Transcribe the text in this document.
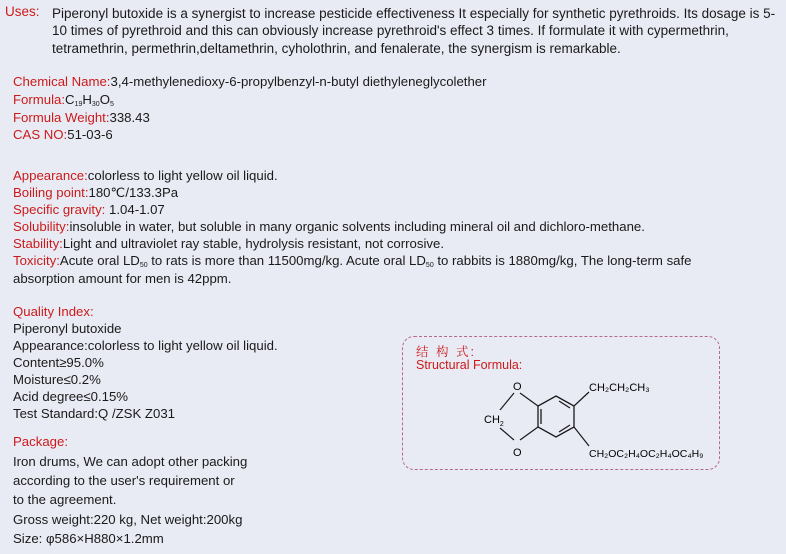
Uses: Piperonyl butoxide is a synergist to increase pesticide effectiveness It especially for synthetic pyrethroids. Its dosage is 5-10 times of pyrethroid and this can obviously increase pyrethroid's effect 3 times. If formulate it with cypermethrin, tetramethrin, permethrin,deltamethrin, cyholothrin, and fenalerate, the synergism is remarkable.
Chemical Name:3,4-methylenedioxy-6-propylbenzyl-n-butyl diethyleneglycolether
$Formula:C_{19}H_{30}O_5$
Formula Weight:338.43
CAS NO:51-03-6
Appearance:colorless to light yellow oil liquid.
Boiling point:180℃/133.3Pa
Specific gravity: 1.04-1.07
Solubility:insoluble in water, but soluble in many organic solvents including mineral oil and dichloro-methane.
Stability:Light and ultraviolet ray stable, hydrolysis resistant, not corrosive.
Toxicity:Acute oral $LD_{50}$ to rats is more than 11500mg/kg. Acute oral $LD_{50}$ to rabbits is 1880mg/kg, The long-term safe
absorption amount for men is 42ppm.
Quality Index:
Piperonyl butoxide
Appearance:colorless to light yellow oil liquid.
Content≥95.0%
Moisture≤0.2%
Acid degree≤0.15%
Test Standard:Q /ZSK Z031
Package:
Iron drums, We can adopt other packing
according to the user's requirement or
to the agreement.
Gross weight:220 kg, Net weight:200kg
Size: φ586×H880×1.2mm
结 构 式:
Structural Formula:
O
O
$CH_2$
CH₂CH₂CH₃
CH₂OC₂H₄OC₂H₄OC₄H₉
